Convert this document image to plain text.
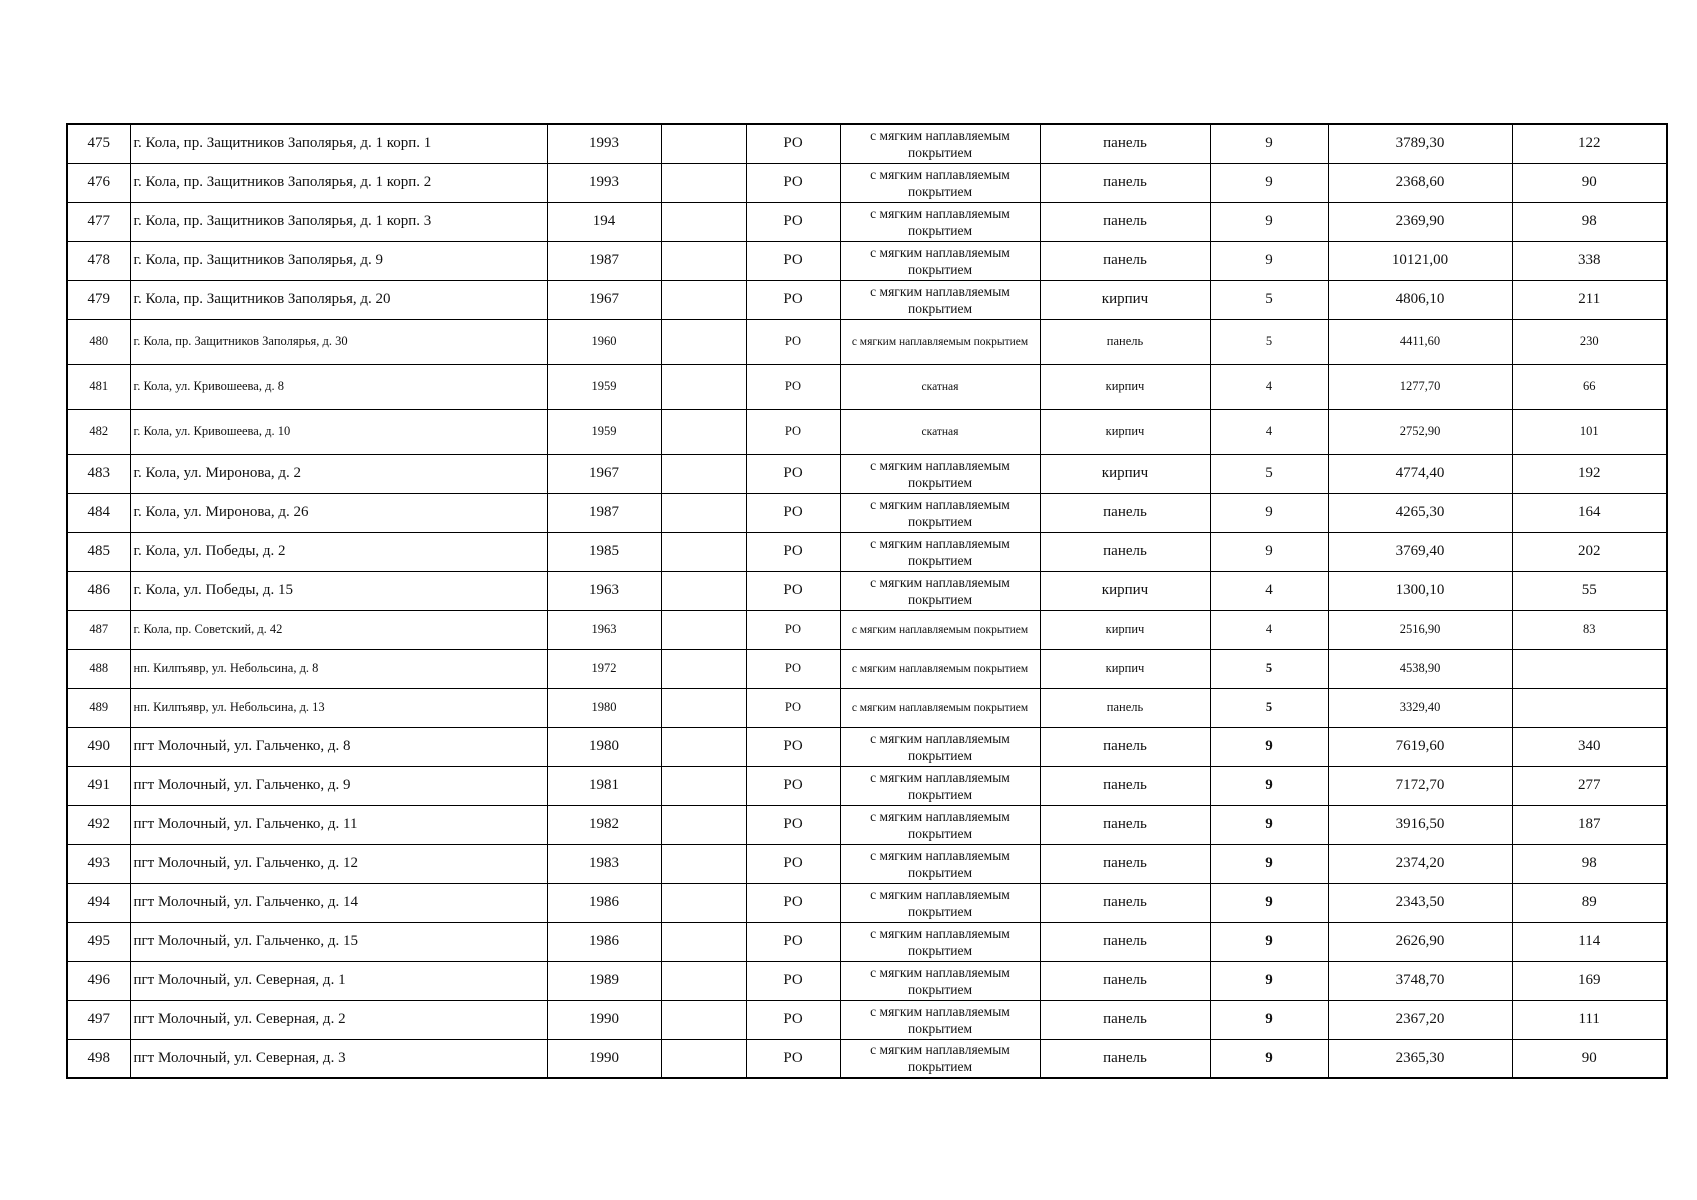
475	г. Кола, пр. Защитников Заполярья, д. 1 корп. 1	1993		РО	с мягким наплавляемым покрытием	панель	9	3789,30	122
476	г. Кола, пр. Защитников Заполярья, д. 1 корп. 2	1993		РО	с мягким наплавляемым покрытием	панель	9	2368,60	90
477	г. Кола, пр. Защитников Заполярья, д. 1 корп. 3	194		РО	с мягким наплавляемым покрытием	панель	9	2369,90	98
478	г. Кола, пр. Защитников Заполярья, д. 9	1987		РО	с мягким наплавляемым покрытием	панель	9	10121,00	338
479	г. Кола, пр. Защитников Заполярья, д. 20	1967		РО	с мягким наплавляемым покрытием	кирпич	5	4806,10	211
480	г. Кола, пр. Защитников Заполярья, д. 30	1960		РО	с мягким наплавляемым покрытием	панель	5	4411,60	230
481	г. Кола, ул. Кривошеева, д. 8	1959		РО	скатная	кирпич	4	1277,70	66
482	г. Кола, ул. Кривошеева, д. 10	1959		РО	скатная	кирпич	4	2752,90	101
483	г. Кола, ул. Миронова, д. 2	1967		РО	с мягким наплавляемым покрытием	кирпич	5	4774,40	192
484	г. Кола, ул. Миронова, д. 26	1987		РО	с мягким наплавляемым покрытием	панель	9	4265,30	164
485	г. Кола, ул. Победы, д. 2	1985		РО	с мягким наплавляемым покрытием	панель	9	3769,40	202
486	г. Кола, ул. Победы, д. 15	1963		РО	с мягким наплавляемым покрытием	кирпич	4	1300,10	55
487	г. Кола, пр. Советский, д. 42	1963		РО	с мягким наплавляемым покрытием	кирпич	4	2516,90	83
488	нп. Килпъявр, ул. Небольсина, д. 8	1972		РО	с мягким наплавляемым покрытием	кирпич	5	4538,90	
489	нп. Килпъявр, ул. Небольсина, д. 13	1980		РО	с мягким наплавляемым покрытием	панель	5	3329,40	
490	пгт Молочный, ул. Гальченко, д. 8	1980		РО	с мягким наплавляемым покрытием	панель	9	7619,60	340
491	пгт Молочный, ул. Гальченко, д. 9	1981		РО	с мягким наплавляемым покрытием	панель	9	7172,70	277
492	пгт Молочный, ул. Гальченко, д. 11	1982		РО	с мягким наплавляемым покрытием	панель	9	3916,50	187
493	пгт Молочный, ул. Гальченко, д. 12	1983		РО	с мягким наплавляемым покрытием	панель	9	2374,20	98
494	пгт Молочный, ул. Гальченко, д. 14	1986		РО	с мягким наплавляемым покрытием	панель	9	2343,50	89
495	пгт Молочный, ул. Гальченко, д. 15	1986		РО	с мягким наплавляемым покрытием	панель	9	2626,90	114
496	пгт Молочный, ул. Северная, д. 1	1989		РО	с мягким наплавляемым покрытием	панель	9	3748,70	169
497	пгт Молочный, ул. Северная, д. 2	1990		РО	с мягким наплавляемым покрытием	панель	9	2367,20	111
498	пгт Молочный, ул. Северная, д. 3	1990		РО	с мягким наплавляемым покрытием	панель	9	2365,30	90
